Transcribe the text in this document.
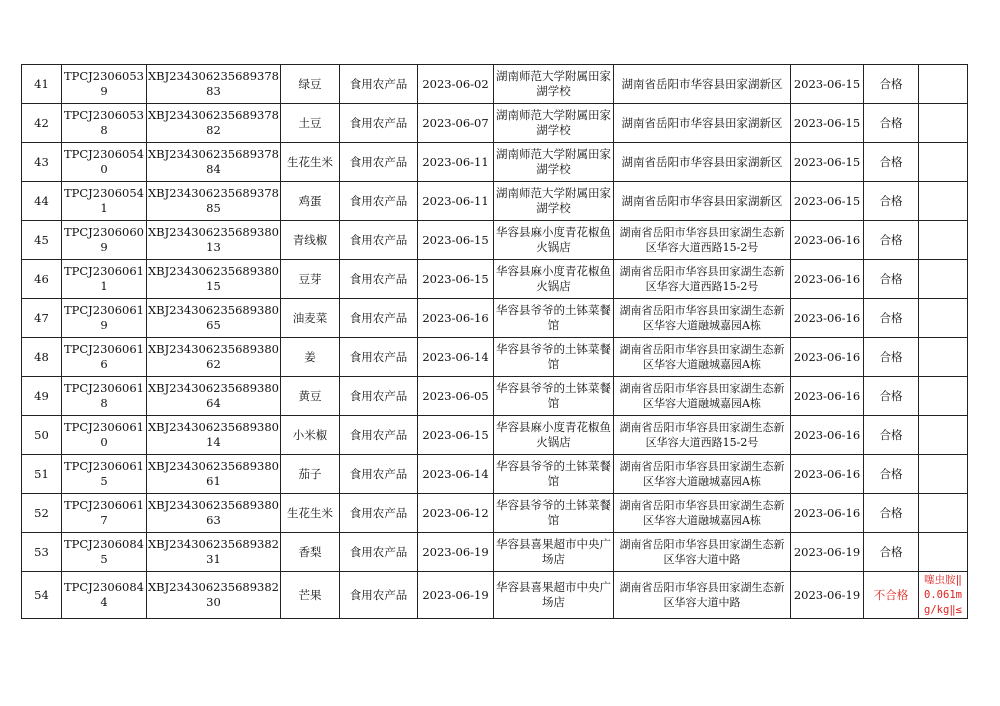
41	TPCJ23060539	XBJ23430623568937883	绿豆	食用农产品	2023-06-02	湖南师范大学附属田家湖学校	湖南省岳阳市华容县田家湖新区	2023-06-15	合格	
42	TPCJ23060538	XBJ23430623568937882	土豆	食用农产品	2023-06-07	湖南师范大学附属田家湖学校	湖南省岳阳市华容县田家湖新区	2023-06-15	合格	
43	TPCJ23060540	XBJ23430623568937884	生花生米	食用农产品	2023-06-11	湖南师范大学附属田家湖学校	湖南省岳阳市华容县田家湖新区	2023-06-15	合格	
44	TPCJ23060541	XBJ23430623568937885	鸡蛋	食用农产品	2023-06-11	湖南师范大学附属田家湖学校	湖南省岳阳市华容县田家湖新区	2023-06-15	合格	
45	TPCJ23060609	XBJ23430623568938013	青线椒	食用农产品	2023-06-15	华容县麻小度青花椒鱼火锅店	湖南省岳阳市华容县田家湖生态新区华容大道西路15-2号	2023-06-16	合格	
46	TPCJ23060611	XBJ23430623568938015	豆芽	食用农产品	2023-06-15	华容县麻小度青花椒鱼火锅店	湖南省岳阳市华容县田家湖生态新区华容大道西路15-2号	2023-06-16	合格	
47	TPCJ23060619	XBJ23430623568938065	油麦菜	食用农产品	2023-06-16	华容县爷爷的土钵菜餐馆	湖南省岳阳市华容县田家湖生态新区华容大道融城嘉园A栋	2023-06-16	合格	
48	TPCJ23060616	XBJ23430623568938062	姜	食用农产品	2023-06-14	华容县爷爷的土钵菜餐馆	湖南省岳阳市华容县田家湖生态新区华容大道融城嘉园A栋	2023-06-16	合格	
49	TPCJ23060618	XBJ23430623568938064	黄豆	食用农产品	2023-06-05	华容县爷爷的土钵菜餐馆	湖南省岳阳市华容县田家湖生态新区华容大道融城嘉园A栋	2023-06-16	合格	
50	TPCJ23060610	XBJ23430623568938014	小米椒	食用农产品	2023-06-15	华容县麻小度青花椒鱼火锅店	湖南省岳阳市华容县田家湖生态新区华容大道西路15-2号	2023-06-16	合格	
51	TPCJ23060615	XBJ23430623568938061	茄子	食用农产品	2023-06-14	华容县爷爷的土钵菜餐馆	湖南省岳阳市华容县田家湖生态新区华容大道融城嘉园A栋	2023-06-16	合格	
52	TPCJ23060617	XBJ23430623568938063	生花生米	食用农产品	2023-06-12	华容县爷爷的土钵菜餐馆	湖南省岳阳市华容县田家湖生态新区华容大道融城嘉园A栋	2023-06-16	合格	
53	TPCJ23060845	XBJ23430623568938231	香梨	食用农产品	2023-06-19	华容县喜果超市中央广场店	湖南省岳阳市华容县田家湖生态新区华容大道中路	2023-06-19	合格	
54	TPCJ23060844	XBJ23430623568938230	芒果	食用农产品	2023-06-19	华容县喜果超市中央广场店	湖南省岳阳市华容县田家湖生态新区华容大道中路	2023-06-19	不合格	噻虫胺‖0.061mg/kg‖≤
